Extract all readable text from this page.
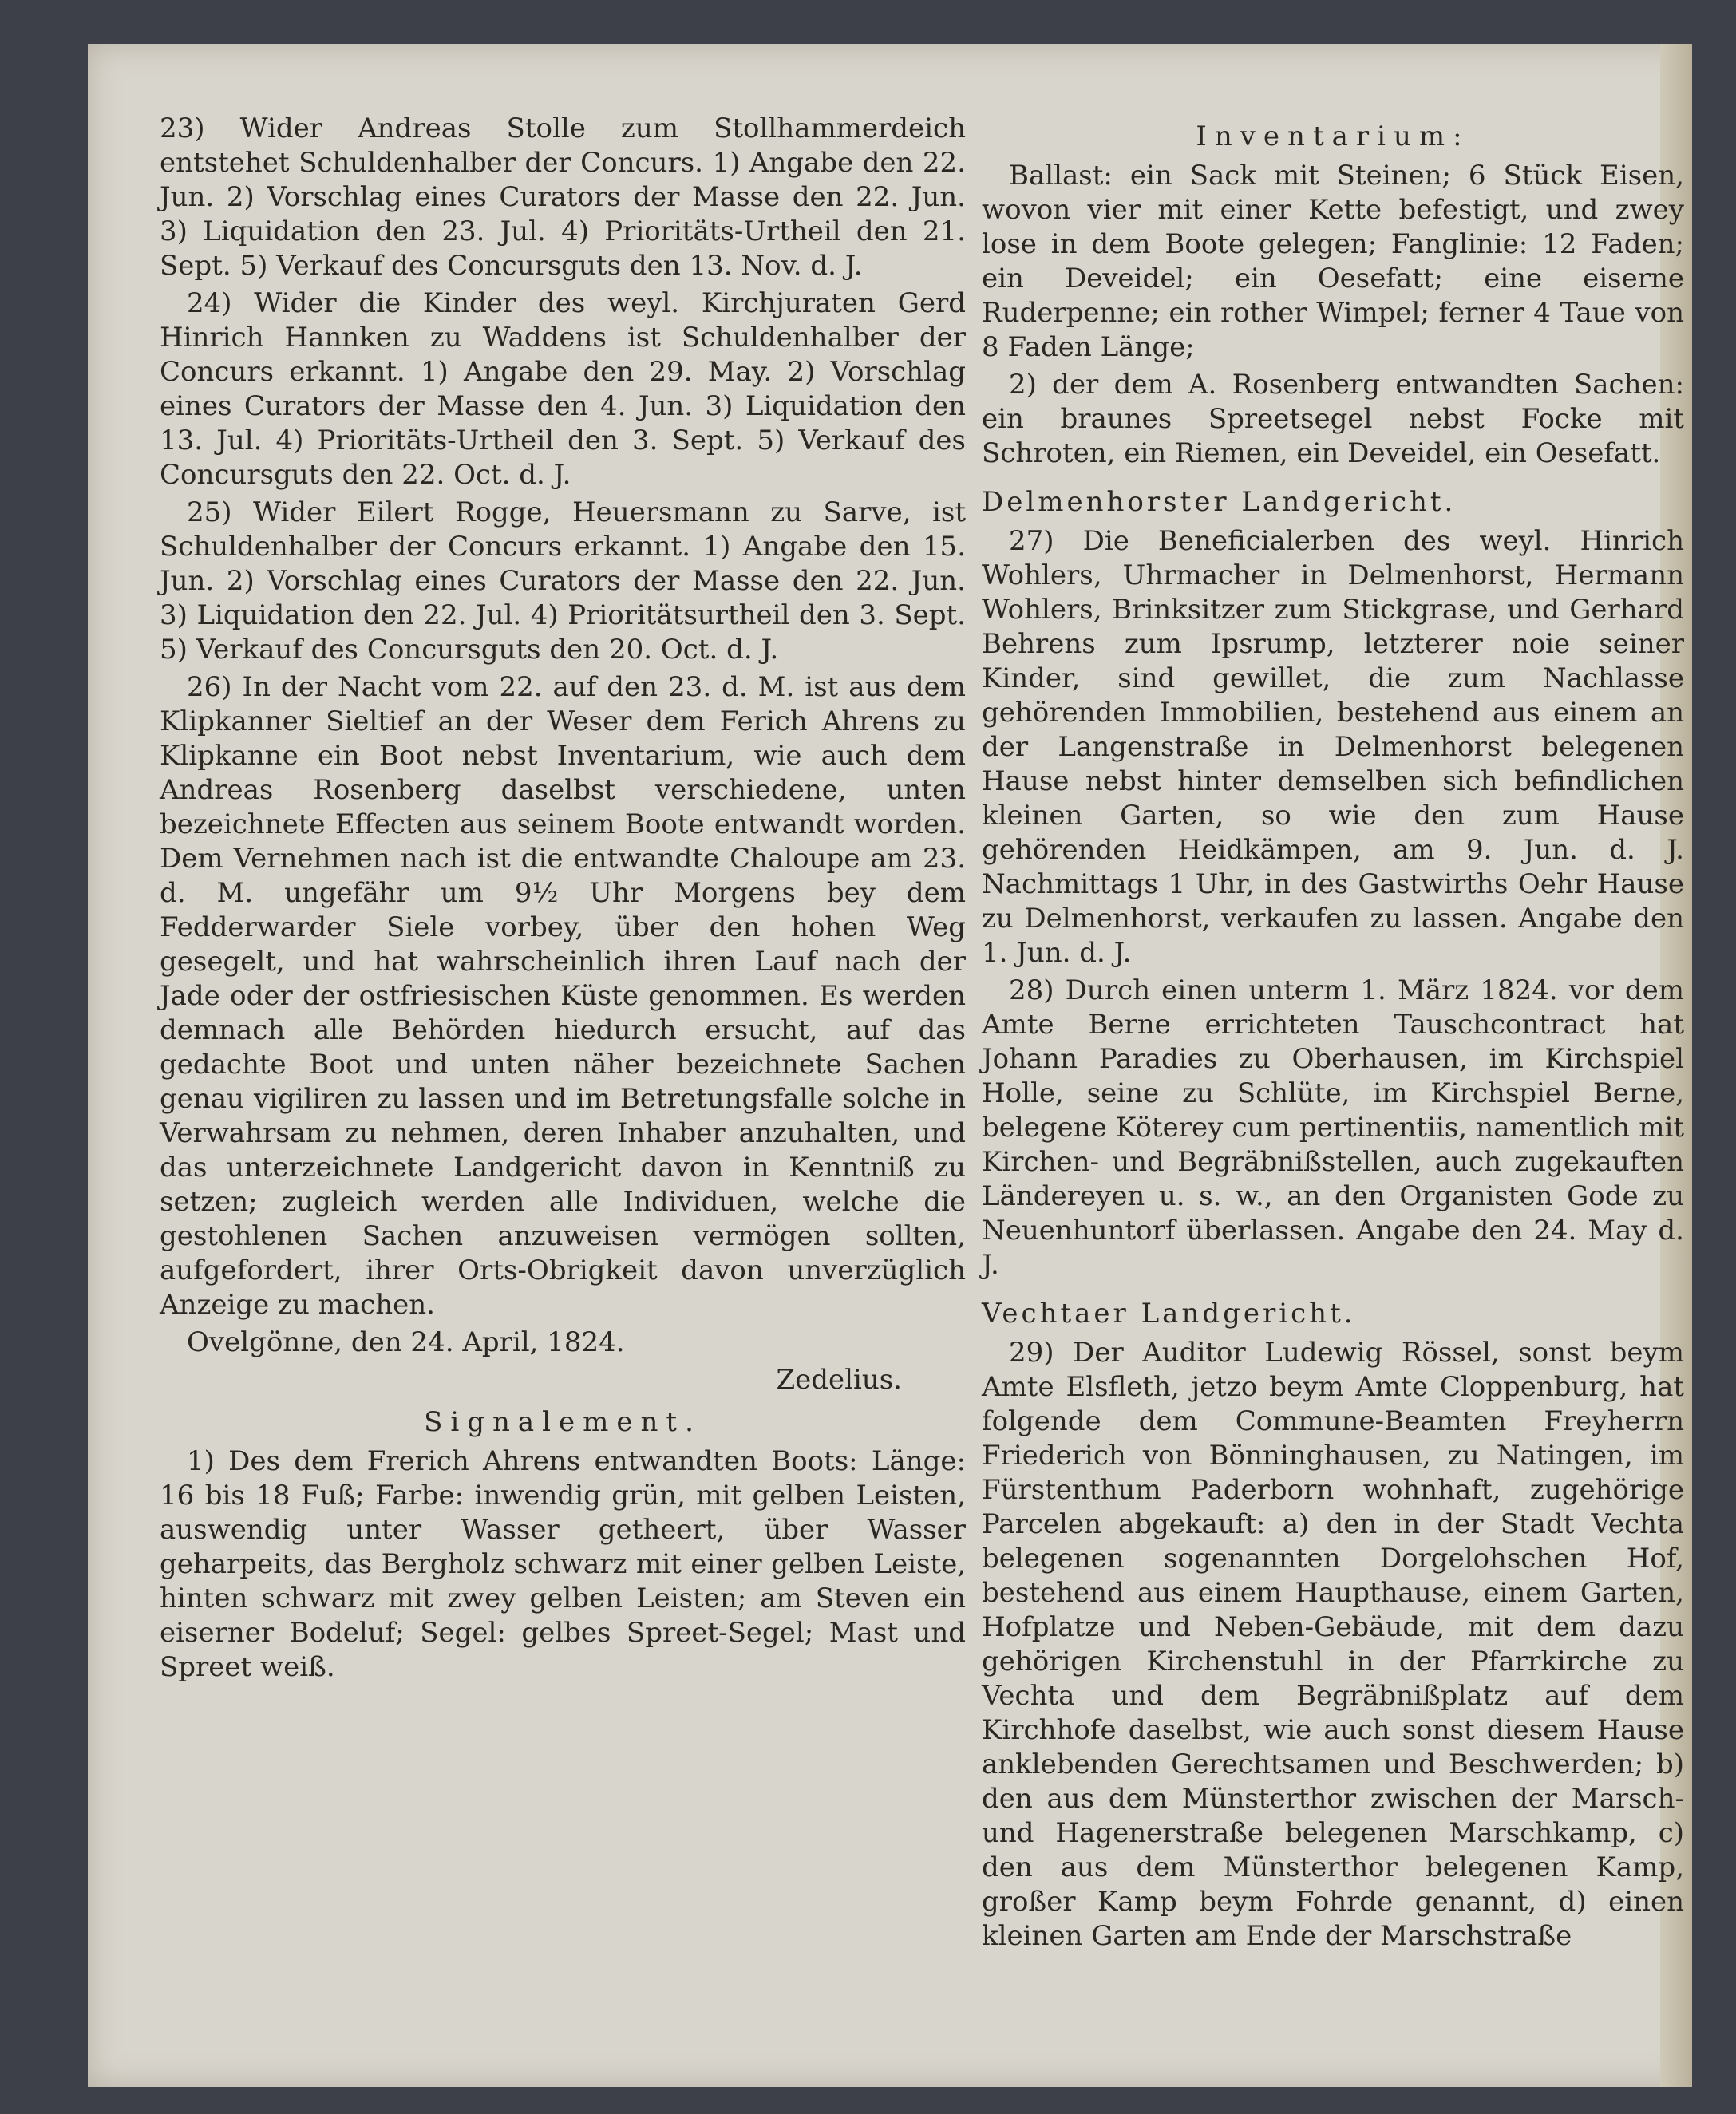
23) Wider Andreas Stolle zum Stollhammerdeich entstehet Schuldenhalber der Concurs. 1) Angabe den 22. Jun. 2) Vorschlag eines Curators der Masse den 22. Jun. 3) Liquidation den 23. Jul. 4) Prioritäts-Urtheil den 21. Sept. 5) Verkauf des Concursguts den 13. Nov. d. J.

24) Wider die Kinder des weyl. Kirchjuraten Gerd Hinrich Hannken zu Waddens ist Schuldenhalber der Concurs erkannt. 1) Angabe den 29. May. 2) Vorschlag eines Curators der Masse den 4. Jun. 3) Liquidation den 13. Jul. 4) Prioritäts-Urtheil den 3. Sept. 5) Verkauf des Concursguts den 22. Oct. d. J.

25) Wider Eilert Rogge, Heuersmann zu Sarve, ist Schuldenhalber der Concurs erkannt. 1) Angabe den 15. Jun. 2) Vorschlag eines Curators der Masse den 22. Jun. 3) Liquidation den 22. Jul. 4) Prioritätsurtheil den 3. Sept. 5) Verkauf des Concursguts den 20. Oct. d. J.

26) In der Nacht vom 22. auf den 23. d. M. ist aus dem Klipkanner Sieltief an der Weser dem Ferich Ahrens zu Klipkanne ein Boot nebst Inventarium, wie auch dem Andreas Rosenberg daselbst verschiedene, unten bezeichnete Effecten aus seinem Boote entwandt worden. Dem Vernehmen nach ist die entwandte Chaloupe am 23. d. M. ungefähr um 9½ Uhr Morgens bey dem Fedderwarder Siele vorbey, über den hohen Weg gesegelt, und hat wahrscheinlich ihren Lauf nach der Jade oder der ostfriesischen Küste genommen. Es werden demnach alle Behörden hiedurch ersucht, auf das gedachte Boot und unten näher bezeichnete Sachen genau vigiliren zu lassen und im Betretungsfalle solche in Verwahrsam zu nehmen, deren Inhaber anzuhalten, und das unterzeichnete Landgericht davon in Kenntniß zu setzen; zugleich werden alle Individuen, welche die gestohlenen Sachen anzuweisen vermögen sollten, aufgefordert, ihrer Orts-Obrigkeit davon unverzüglich Anzeige zu machen.

Ovelgönne, den 24. April, 1824.

Zedelius.

Signalement.

1) Des dem Frerich Ahrens entwandten Boots: Länge: 16 bis 18 Fuß; Farbe: inwendig grün, mit gelben Leisten, auswendig unter Wasser getheert, über Wasser geharpeits, das Bergholz schwarz mit einer gelben Leiste, hinten schwarz mit zwey gelben Leisten; am Steven ein eiserner Bodeluf; Segel: gelbes Spreet-Segel; Mast und Spreet weiß.

Inventarium:

Ballast: ein Sack mit Steinen; 6 Stück Eisen, wovon vier mit einer Kette befestigt, und zwey lose in dem Boote gelegen; Fanglinie: 12 Faden; ein Deveidel; ein Oesefatt; eine eiserne Ruderpenne; ein rother Wimpel; ferner 4 Taue von 8 Faden Länge;

2) der dem A. Rosenberg entwandten Sachen: ein braunes Spreetsegel nebst Focke mit Schroten, ein Riemen, ein Deveidel, ein Oesefatt.

Delmenhorster Landgericht.

27) Die Beneficialerben des weyl. Hinrich Wohlers, Uhrmacher in Delmenhorst, Hermann Wohlers, Brinksitzer zum Stickgrase, und Gerhard Behrens zum Ipsrump, letzterer noie seiner Kinder, sind gewillet, die zum Nachlasse gehörenden Immobilien, bestehend aus einem an der Langenstraße in Delmenhorst belegenen Hause nebst hinter demselben sich befindlichen kleinen Garten, so wie den zum Hause gehörenden Heidkämpen, am 9. Jun. d. J. Nachmittags 1 Uhr, in des Gastwirths Oehr Hause zu Delmenhorst, verkaufen zu lassen. Angabe den 1. Jun. d. J.

28) Durch einen unterm 1. März 1824. vor dem Amte Berne errichteten Tauschcontract hat Johann Paradies zu Oberhausen, im Kirchspiel Holle, seine zu Schlüte, im Kirchspiel Berne, belegene Köterey cum pertinentiis, namentlich mit Kirchen- und Begräbnißstellen, auch zugekauften Ländereyen u. s. w., an den Organisten Gode zu Neuenhuntorf überlassen. Angabe den 24. May d. J.

Vechtaer Landgericht.

29) Der Auditor Ludewig Rössel, sonst beym Amte Elsfleth, jetzo beym Amte Cloppenburg, hat folgende dem Commune-Beamten Freyherrn Friederich von Bönninghausen, zu Natingen, im Fürstenthum Paderborn wohnhaft, zugehörige Parcelen abgekauft: a) den in der Stadt Vechta belegenen sogenannten Dorgelohschen Hof, bestehend aus einem Haupthause, einem Garten, Hofplatze und Neben-Gebäude, mit dem dazu gehörigen Kirchenstuhl in der Pfarrkirche zu Vechta und dem Begräbnißplatz auf dem Kirchhofe daselbst, wie auch sonst diesem Hause anklebenden Gerechtsamen und Beschwerden; b) den aus dem Münsterthor zwischen der Marsch- und Hagenerstraße belegenen Marschkamp, c) den aus dem Münsterthor belegenen Kamp, großer Kamp beym Fohrde genannt, d) einen kleinen Garten am Ende der Marschstraße
